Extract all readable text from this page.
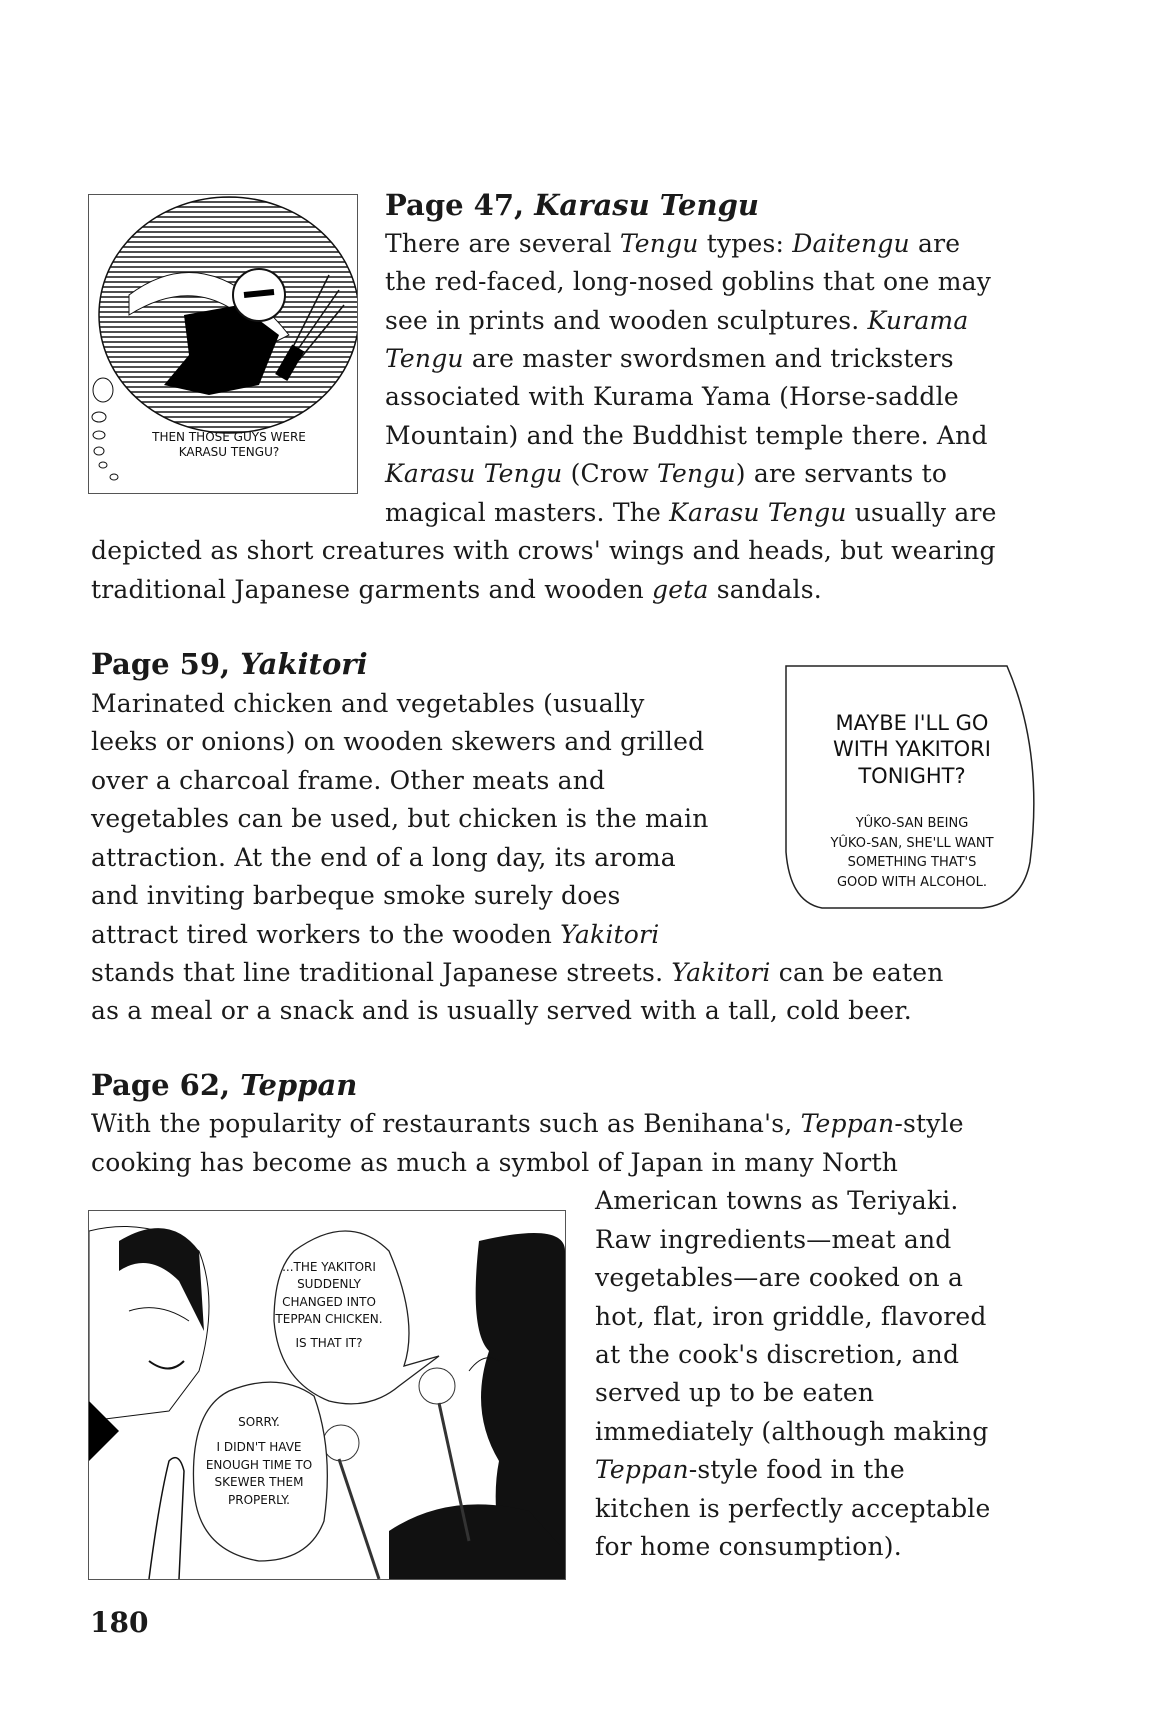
Page 47, Karasu Tengu
There are several Tengu types: Daitengu are
the red-faced, long-nosed goblins that one may
see in prints and wooden sculptures. Kurama
Tengu are master swordsmen and tricksters
associated with Kurama Yama (Horse-saddle
Mountain) and the Buddhist temple there. And
Karasu Tengu (Crow Tengu) are servants to
magical masters. The Karasu Tengu usually are
depicted as short creatures with crows' wings and heads, but wearing
traditional Japanese garments and wooden geta sandals.
Page 59, Yakitori
Marinated chicken and vegetables (usually
leeks or onions) on wooden skewers and grilled
over a charcoal frame. Other meats and
vegetables can be used, but chicken is the main
attraction. At the end of a long day, its aroma
and inviting barbeque smoke surely does
attract tired workers to the wooden Yakitori
stands that line traditional Japanese streets. Yakitori can be eaten
as a meal or a snack and is usually served with a tall, cold beer.
Page 62, Teppan
With the popularity of restaurants such as Benihana's, Teppan-style
cooking has become as much a symbol of Japan in many North
American towns as Teriyaki.
Raw ingredients—meat and
vegetables—are cooked on a
hot, flat, iron griddle, flavored
at the cook's discretion, and
served up to be eaten
immediately (although making
Teppan-style food in the
kitchen is perfectly acceptable
for home consumption).
THEN THOSE GUYS WERE
KARASU TENGU?
MAYBE I'LL GO
WITH YAKITORI
TONIGHT?
YÛKO-SAN BEING
YÛKO-SAN, SHE'LL WANT
SOMETHING THAT'S
GOOD WITH ALCOHOL.
...THE YAKITORI
SUDDENLY
CHANGED INTO
TEPPAN CHICKEN.
IS THAT IT?
SORRY.
I DIDN'T HAVE
ENOUGH TIME TO
SKEWER THEM
PROPERLY.
180
